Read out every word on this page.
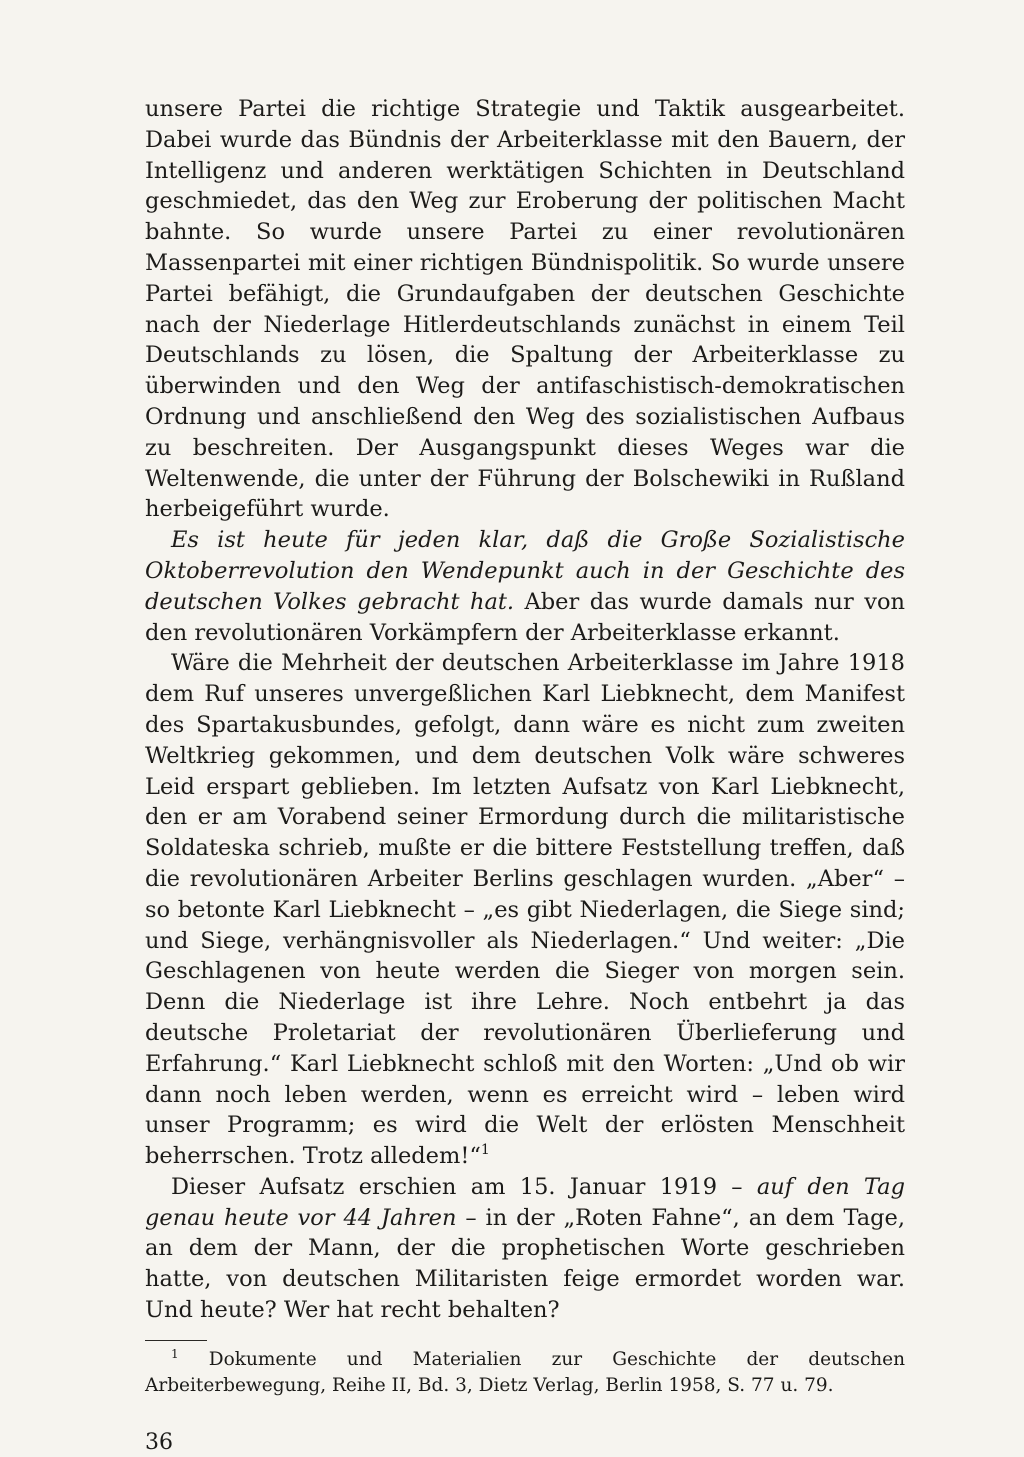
unsere Partei die richtige Strategie und Taktik ausgearbeitet. Dabei wurde das Bündnis der Arbeiterklasse mit den Bauern, der Intelligenz und anderen werktätigen Schichten in Deutschland geschmiedet, das den Weg zur Eroberung der politischen Macht bahnte. So wurde unsere Partei zu einer revolutionären Massenpartei mit einer richtigen Bündnispolitik. So wurde unsere Partei befähigt, die Grundaufgaben der deutschen Geschichte nach der Niederlage Hitlerdeutschlands zunächst in einem Teil Deutschlands zu lösen, die Spaltung der Arbeiterklasse zu überwinden und den Weg der antifaschistisch-demokratischen Ordnung und anschließend den Weg des sozialistischen Aufbaus zu beschreiten. Der Ausgangspunkt dieses Weges war die Weltenwende, die unter der Führung der Bolschewiki in Rußland herbeigeführt wurde.

Es ist heute für jeden klar, daß die Große Sozialistische Oktoberrevolution den Wendepunkt auch in der Geschichte des deutschen Volkes gebracht hat. Aber das wurde damals nur von den revolutionären Vorkämpfern der Arbeiterklasse erkannt.

Wäre die Mehrheit der deutschen Arbeiterklasse im Jahre 1918 dem Ruf unseres unvergeßlichen Karl Liebknecht, dem Manifest des Spartakusbundes, gefolgt, dann wäre es nicht zum zweiten Weltkrieg gekommen, und dem deutschen Volk wäre schweres Leid erspart geblieben. Im letzten Aufsatz von Karl Liebknecht, den er am Vorabend seiner Ermordung durch die militaristische Soldateska schrieb, mußte er die bittere Feststellung treffen, daß die revolutionären Arbeiter Berlins geschlagen wurden. „Aber“ – so betonte Karl Liebknecht – „es gibt Niederlagen, die Siege sind; und Siege, verhängnisvoller als Niederlagen.“ Und weiter: „Die Geschlagenen von heute werden die Sieger von morgen sein. Denn die Niederlage ist ihre Lehre. Noch entbehrt ja das deutsche Proletariat der revolutionären Überlieferung und Erfahrung.“ Karl Liebknecht schloß mit den Worten: „Und ob wir dann noch leben werden, wenn es erreicht wird – leben wird unser Programm; es wird die Welt der erlösten Menschheit beherrschen. Trotz alledem!“$^1$

Dieser Aufsatz erschien am 15. Januar 1919 – auf den Tag genau heute vor 44 Jahren – in der „Roten Fahne“, an dem Tage, an dem der Mann, der die prophetischen Worte geschrieben hatte, von deutschen Militaristen feige ermordet worden war. Und heute? Wer hat recht behalten?

$^1$ Dokumente und Materialien zur Geschichte der deutschen Arbeiterbewegung, Reihe II, Bd. 3, Dietz Verlag, Berlin 1958, S. 77 u. 79.

36
